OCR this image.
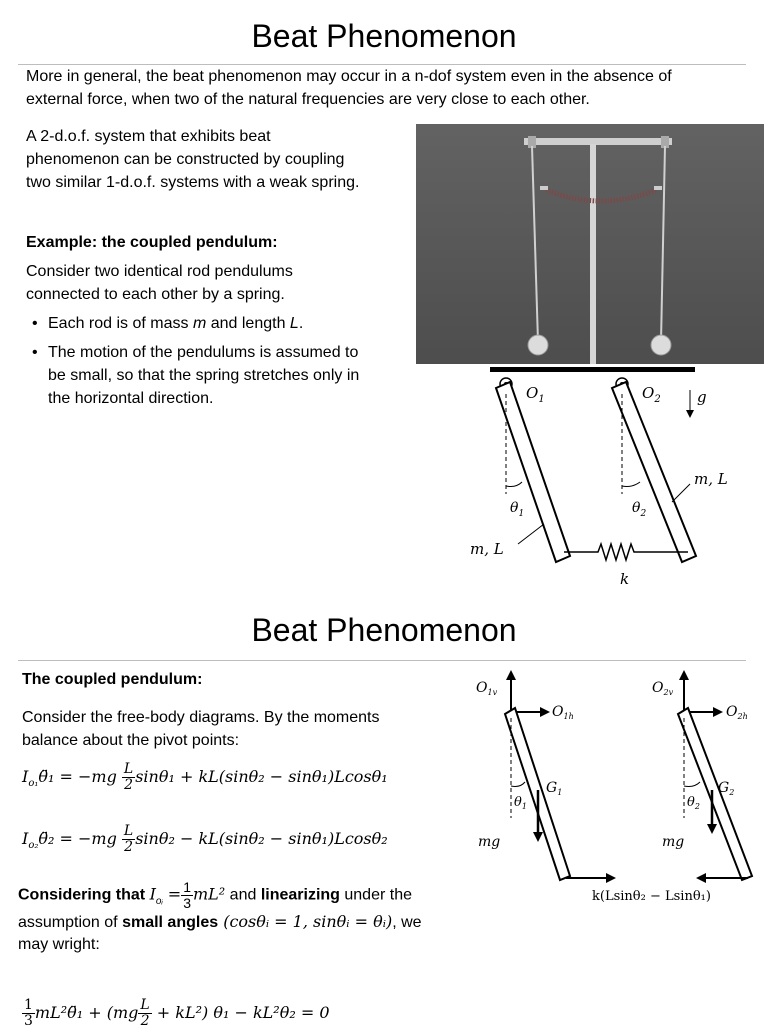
Beat Phenomenon
More in general, the beat phenomenon may occur in a n-dof system even in the absence of
external force, when two of the natural frequencies are very close to each other.
A 2-d.o.f. system that exhibits beat
phenomenon can be constructed by coupling
two similar 1-d.o.f. systems with a weak spring.
Example: the coupled pendulum:
Consider two identical rod pendulums
connected to each other by a spring.
• Each rod is of mass m and length L.
• The motion of the pendulums is assumed to
be small, so that the spring stretches only in
the horizontal direction.	$O_1$	$O_2$ g
$\theta_1$	$\theta_2$
m, L
m, L
k
Beat Phenomenon
The coupled pendulum:
Consider the free-body diagrams. By the moments
balance about the pivot points:
$I_{o_1}\thetä_1 = -mg \frac{L}{2} \sin\theta_1 + kL(\sin\theta_2 - \sin\theta_1)Lcos\theta_1$
$I_{o_2}\thetä_2 = -mg \frac{L}{2} \sin\theta_2 - kL(\sin\theta_2 - \sin\theta_1)Lcos\theta_2$
Considering that $I_{oᵢ} = \frac{1}{3} mL^2$ and linearizing under the
assumption of small angles (cosθᵢ = 1, sinθᵢ = θᵢ), we
may wright:
$\frac{1}{3}$ mL²θ̈₁ + $(mg \frac{L}{2} + kL^2)$ θ₁ − kL²θ₂ = 0
$O_{1v}$
$O_{1h}$
$O_{2v}$
$O_{2h}$
$G_1$	$G_2$
$\theta_1$	$\theta_2$
mg	mg
k(Lsinθ₂ − Lsinθ₁)
